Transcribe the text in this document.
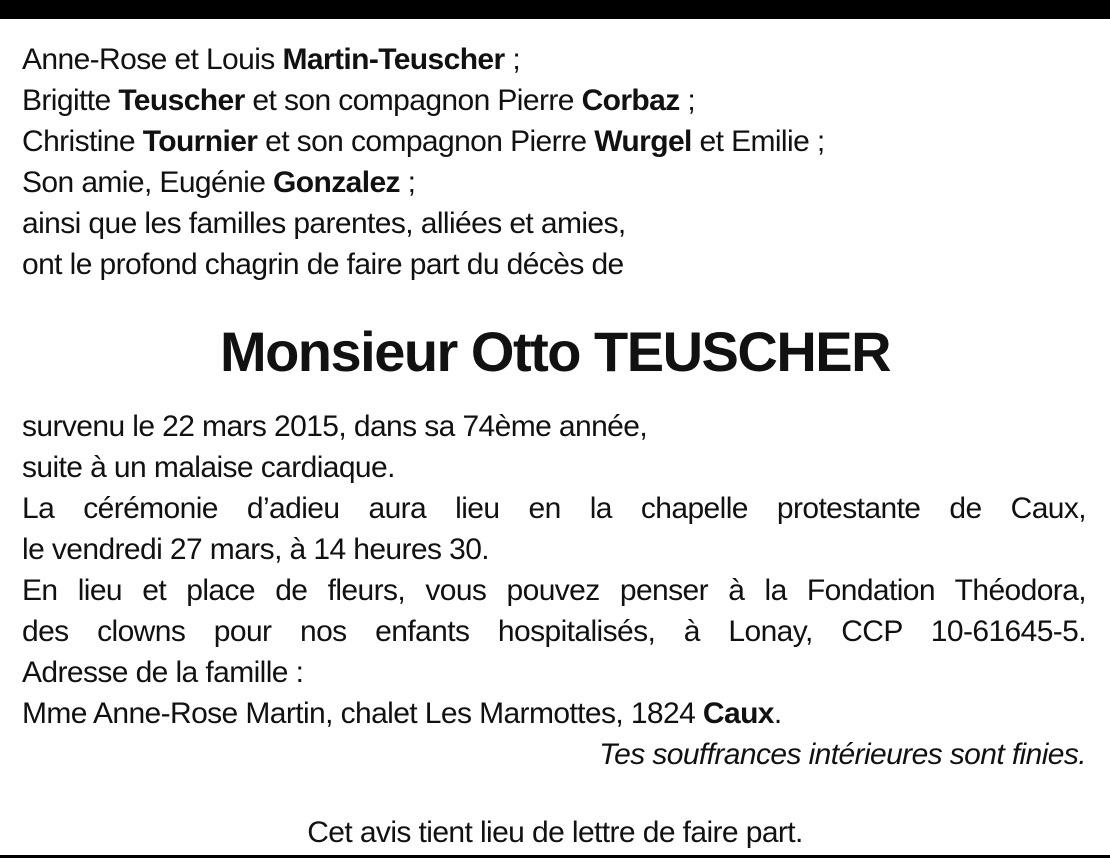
Anne-Rose et Louis Martin-Teuscher ;
Brigitte Teuscher et son compagnon Pierre Corbaz ;
Christine Tournier et son compagnon Pierre Wurgel et Emilie ;
Son amie, Eugénie Gonzalez ;
ainsi que les familles parentes, alliées et amies,
ont le profond chagrin de faire part du décès de
Monsieur Otto TEUSCHER
survenu le 22 mars 2015, dans sa 74ème année,
suite à un malaise cardiaque.
La cérémonie d’adieu aura lieu en la chapelle protestante de Caux,
le vendredi 27 mars, à 14 heures 30.
En lieu et place de fleurs, vous pouvez penser à la Fondation Théodora,
des clowns pour nos enfants hospitalisés, à Lonay, CCP 10-61645-5.
Adresse de la famille :
Mme Anne-Rose Martin, chalet Les Marmottes, 1824 Caux.
Tes souffrances intérieures sont finies.
Cet avis tient lieu de lettre de faire part.
